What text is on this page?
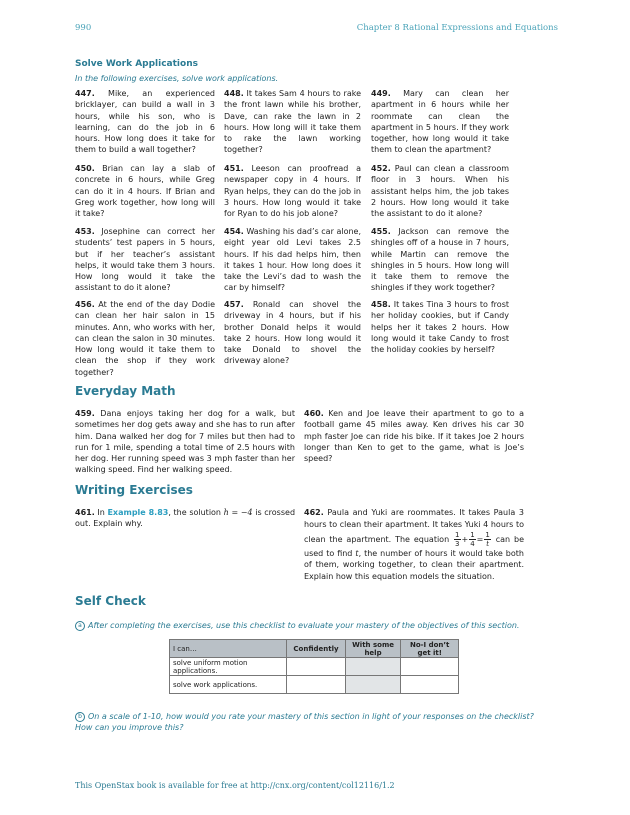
990	Chapter 8 Rational Expressions and Equations
Solve Work Applications
In the following exercises, solve work applications.
447. Mike, an experienced bricklayer, can build a wall in 3 hours, while his son, who is learning, can do the job in 6 hours. How long does it take for them to build a wall together?
448. It takes Sam 4 hours to rake the front lawn while his brother, Dave, can rake the lawn in 2 hours. How long will it take them to rake the lawn working together?
449. Mary can clean her apartment in 6 hours while her roommate can clean the apartment in 5 hours. If they work together, how long would it take them to clean the apartment?
450. Brian can lay a slab of concrete in 6 hours, while Greg can do it in 4 hours. If Brian and Greg work together, how long will it take?
451. Leeson can proofread a newspaper copy in 4 hours. If Ryan helps, they can do the job in 3 hours. How long would it take for Ryan to do his job alone?
452. Paul can clean a classroom floor in 3 hours. When his assistant helps him, the job takes 2 hours. How long would it take the assistant to do it alone?
453. Josephine can correct her students’ test papers in 5 hours, but if her teacher’s assistant helps, it would take them 3 hours. How long would it take the assistant to do it alone?
454. Washing his dad’s car alone, eight year old Levi takes 2.5 hours. If his dad helps him, then it takes 1 hour. How long does it take the Levi’s dad to wash the car by himself?
455. Jackson can remove the shingles off of a house in 7 hours, while Martin can remove the shingles in 5 hours. How long will it take them to remove the shingles if they work together?
456. At the end of the day Dodie can clean her hair salon in 15 minutes. Ann, who works with her, can clean the salon in 30 minutes. How long would it take them to clean the shop if they work together?
457. Ronald can shovel the driveway in 4 hours, but if his brother Donald helps it would take 2 hours. How long would it take Donald to shovel the driveway alone?
458. It takes Tina 3 hours to frost her holiday cookies, but if Candy helps her it takes 2 hours. How long would it take Candy to frost the holiday cookies by herself?
Everyday Math
459. Dana enjoys taking her dog for a walk, but sometimes her dog gets away and she has to run after him. Dana walked her dog for 7 miles but then had to run for 1 mile, spending a total time of 2.5 hours with her dog. Her running speed was 3 mph faster than her walking speed. Find her walking speed.
460. Ken and Joe leave their apartment to go to a football game 45 miles away. Ken drives his car 30 mph faster Joe can ride his bike. If it takes Joe 2 hours longer than Ken to get to the game, what is Joe’s speed?
Writing Exercises
461. In Example 8.83, the solution h = −4 is crossed out. Explain why.
462. Paula and Yuki are roommates. It takes Paula 3 hours to clean their apartment. It takes Yuki 4 hours to clean the apartment. The equation $\frac{1}{3} + \frac{1}{4} = \frac{1}{t}$ can be used to find t, the number of hours it would take both of them, working together, to clean their apartment. Explain how this equation models the situation.
Self Check
a After completing the exercises, use this checklist to evaluate your mastery of the objectives of this section.
I can…	Confidently	With some help	No-I don’t get it!
solve uniform motion applications.			
solve work applications.			
b On a scale of 1-10, how would you rate your mastery of this section in light of your responses on the checklist? How can you improve this?
This OpenStax book is available for free at http://cnx.org/content/col12116/1.2
